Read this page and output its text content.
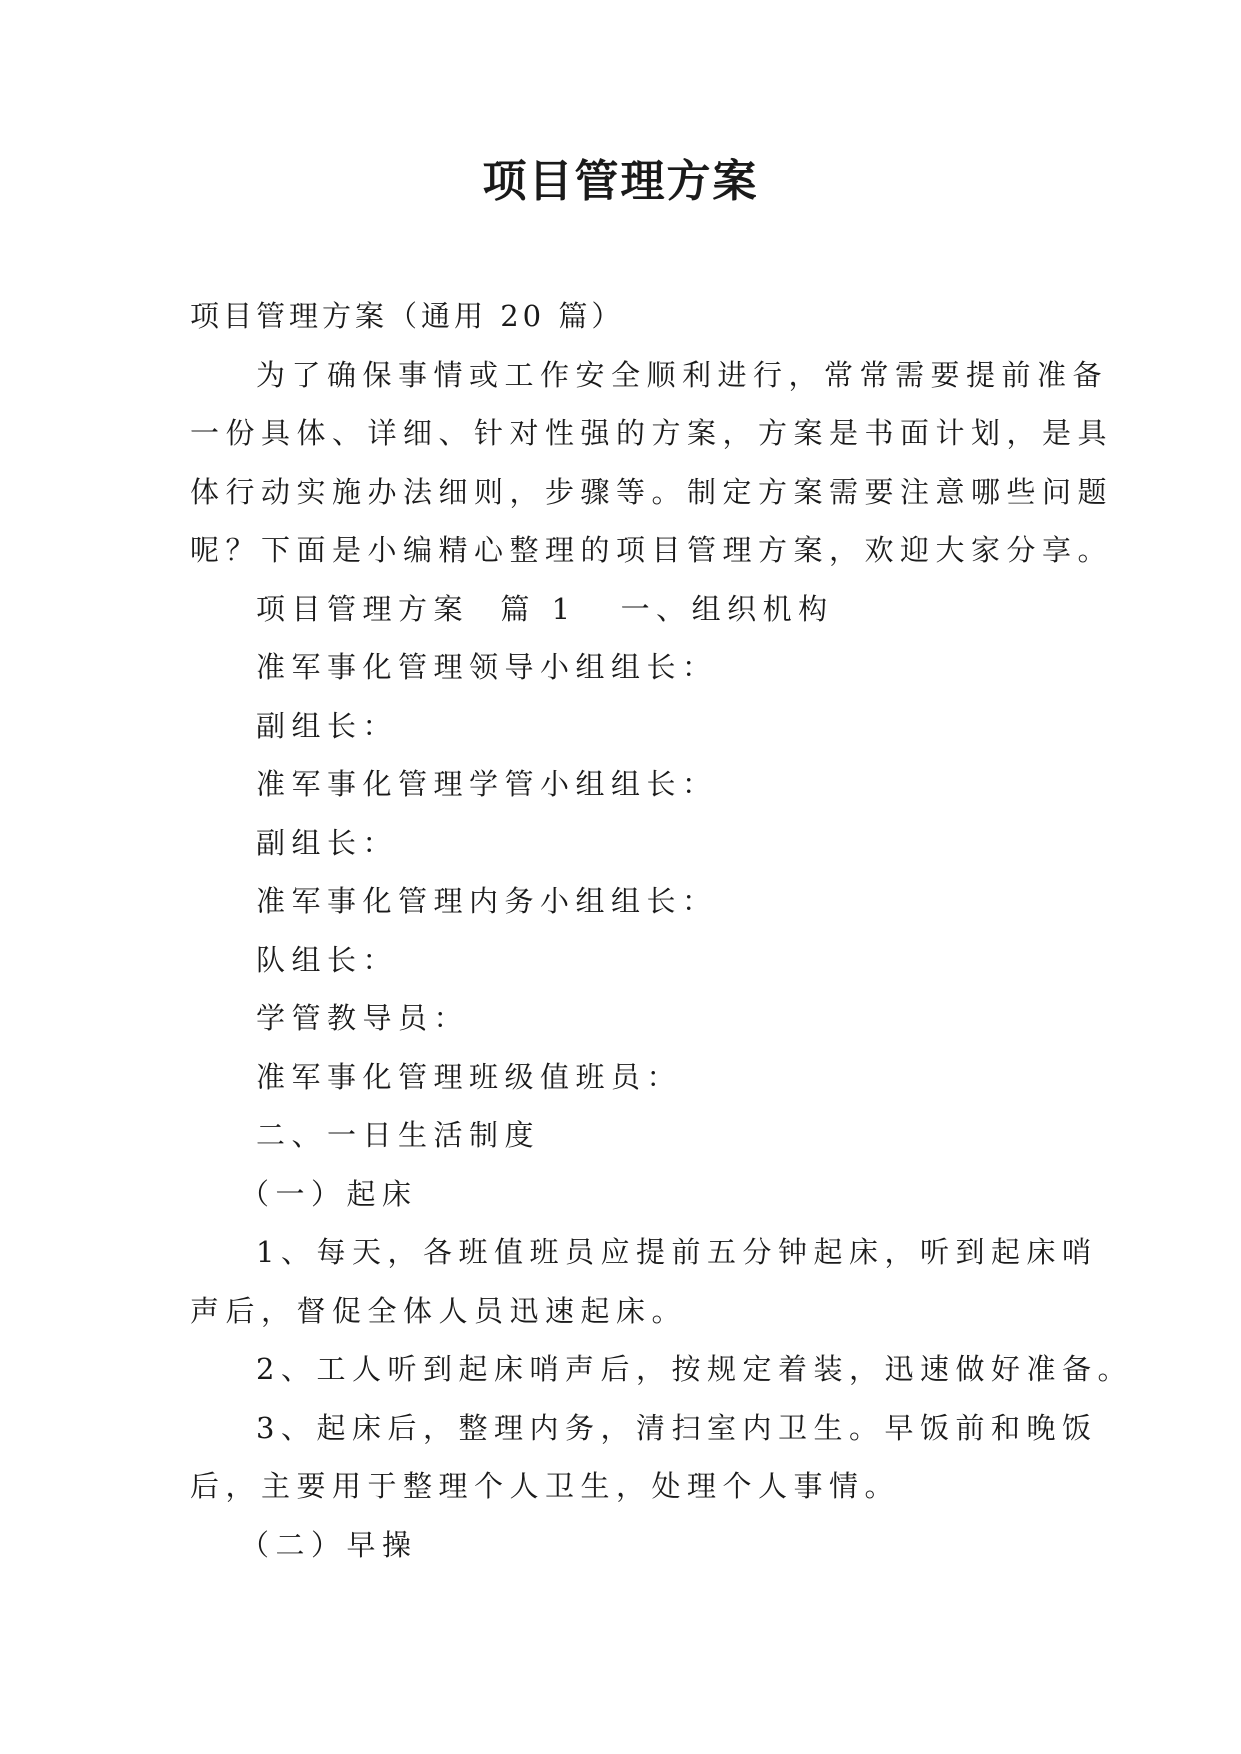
项目管理方案
项目管理方案（通用 20 篇）
为了确保事情或工作安全顺利进行，常常需要提前准备
一份具体、详细、针对性强的方案，方案是书面计划，是具
体行动实施办法细则，步骤等。制定方案需要注意哪些问题
呢？下面是小编精心整理的项目管理方案，欢迎大家分享。
项目管理方案  篇 1 一、组织机构
准军事化管理领导小组组长：
副组长：
准军事化管理学管小组组长：
副组长：
准军事化管理内务小组组长：
队组长：
学管教导员：
准军事化管理班级值班员：
二、一日生活制度
（一）起床
1、每天，各班值班员应提前五分钟起床，听到起床哨
声后，督促全体人员迅速起床。
2、工人听到起床哨声后，按规定着装，迅速做好准备。
3、起床后，整理内务，清扫室内卫生。早饭前和晚饭
后，主要用于整理个人卫生，处理个人事情。
（二）早操
